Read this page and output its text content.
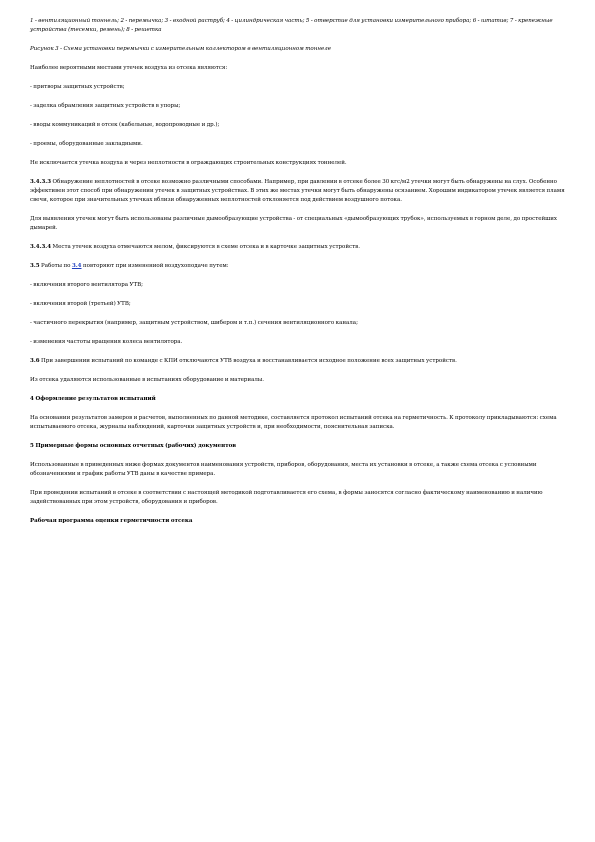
1 - вентиляционный тоннель; 2 - перемычка; 3 - входной раструб; 4 - цилиндрическая часть; 5 - отверстие для установки измерительного прибора; 6 - штатив; 7 - крепежные устройства (тесемки, ремень); 8 - решетка

Рисунок 3 - Схема установки перемычки с измерительным коллектором в вентиляционном тоннеле

Наиболее вероятными местами утечек воздуха из отсека являются:

- притворы защитных устройств;

- заделка обрамления защитных устройств в упоры;

- вводы коммуникаций в отсек (кабельные, водопроводные и др.);

- проемы, оборудованные закладными.

Не исключается утечка воздуха и через неплотности в ограждающих строительных конструкциях тоннелей.

3.4.3.3 Обнаружение неплотностей в отсеке возможно различными способами. Например, при давлении в отсеке более 30 кгс/м2 утечки могут быть обнаружены на слух. Особенно эффективен этот способ при обнаружении утечек в защитных устройствах. В этих же местах утечки могут быть обнаружены осязанием. Хорошим индикатором утечек является пламя свечи, которое при значительных утечках вблизи обнаруженных неплотностей отклоняется под действием воздушного потока.

Для выявления утечек могут быть использованы различные дымообразующие устройства - от специальных «дымообразующих трубок», используемых в горном деле, до простейших дымарей.

3.4.3.4 Места утечек воздуха отмечаются мелом, фиксируются в схеме отсека и в карточке защитных устройств.

3.5 Работы по 3.4 повторяют при изменениой воздухоподаче путем:

- включения второго вентилятора УТВ;

- включения второй (третьей) УТВ;

- частичного перекрытия (например, защитным устройством, шибером и т.п.) сечения вентиляционного канала;

- изменения частоты вращения колеса вентилятора.

3.6 При завершении испытаний по команде с КПИ отключаются УТВ воздуха и восстанавливается исходное положение всех защитных устройств.

Из отсека удаляются использованные в испытаниях оборудование и материалы.

4 Оформление результатов испытаний

На основании результатов замеров и расчетов, выполненных по данной методике, составляется протокол испытаний отсека на герметичность. К протоколу прикладываются: схема испытываемого отсека, журналы наблюдений, карточки защитных устройств и, при необходимости, пояснительная записка.

5 Примерные формы основных отчетных (рабочих) документов

Использованные в приведенных ниже формах документов наименования устройств, приборов, оборудования, места их установки в отсеке, а также схема отсека с условными обозначениями и график работы УТВ даны в качестве примера.

При проведении испытаний в отсеке в соответствии с настоящей методикой подготавливается его схема, в формы заносятся согласно фактическому наименованию и наличию задействованных при этом устройств, оборудования и приборов.

Рабочая программа оценки герметичности отсека
